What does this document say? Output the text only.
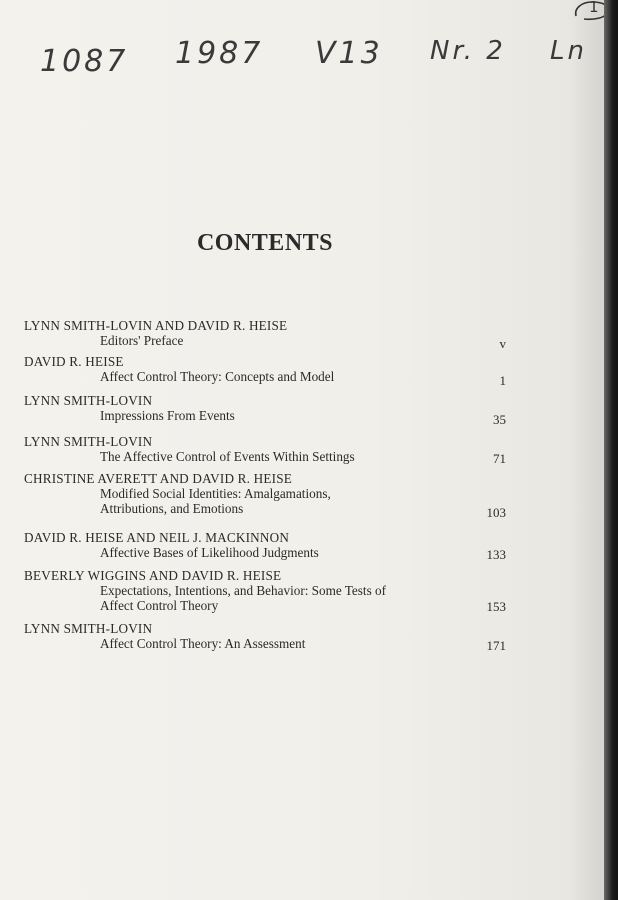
1087 1987 V13 Nr. 2 Ln
1
CONTENTS
LYNN SMITH-LOVIN AND DAVID R. HEISE
Editors' Preface	v
DAVID R. HEISE
Affect Control Theory: Concepts and Model	1
LYNN SMITH-LOVIN
Impressions From Events	35
LYNN SMITH-LOVIN
The Affective Control of Events Within Settings	71
CHRISTINE AVERETT AND DAVID R. HEISE
Modified Social Identities: Amalgamations,
Attributions, and Emotions	103
DAVID R. HEISE AND NEIL J. MACKINNON
Affective Bases of Likelihood Judgments	133
BEVERLY WIGGINS AND DAVID R. HEISE
Expectations, Intentions, and Behavior: Some Tests of
Affect Control Theory	153
LYNN SMITH-LOVIN
Affect Control Theory: An Assessment	171
